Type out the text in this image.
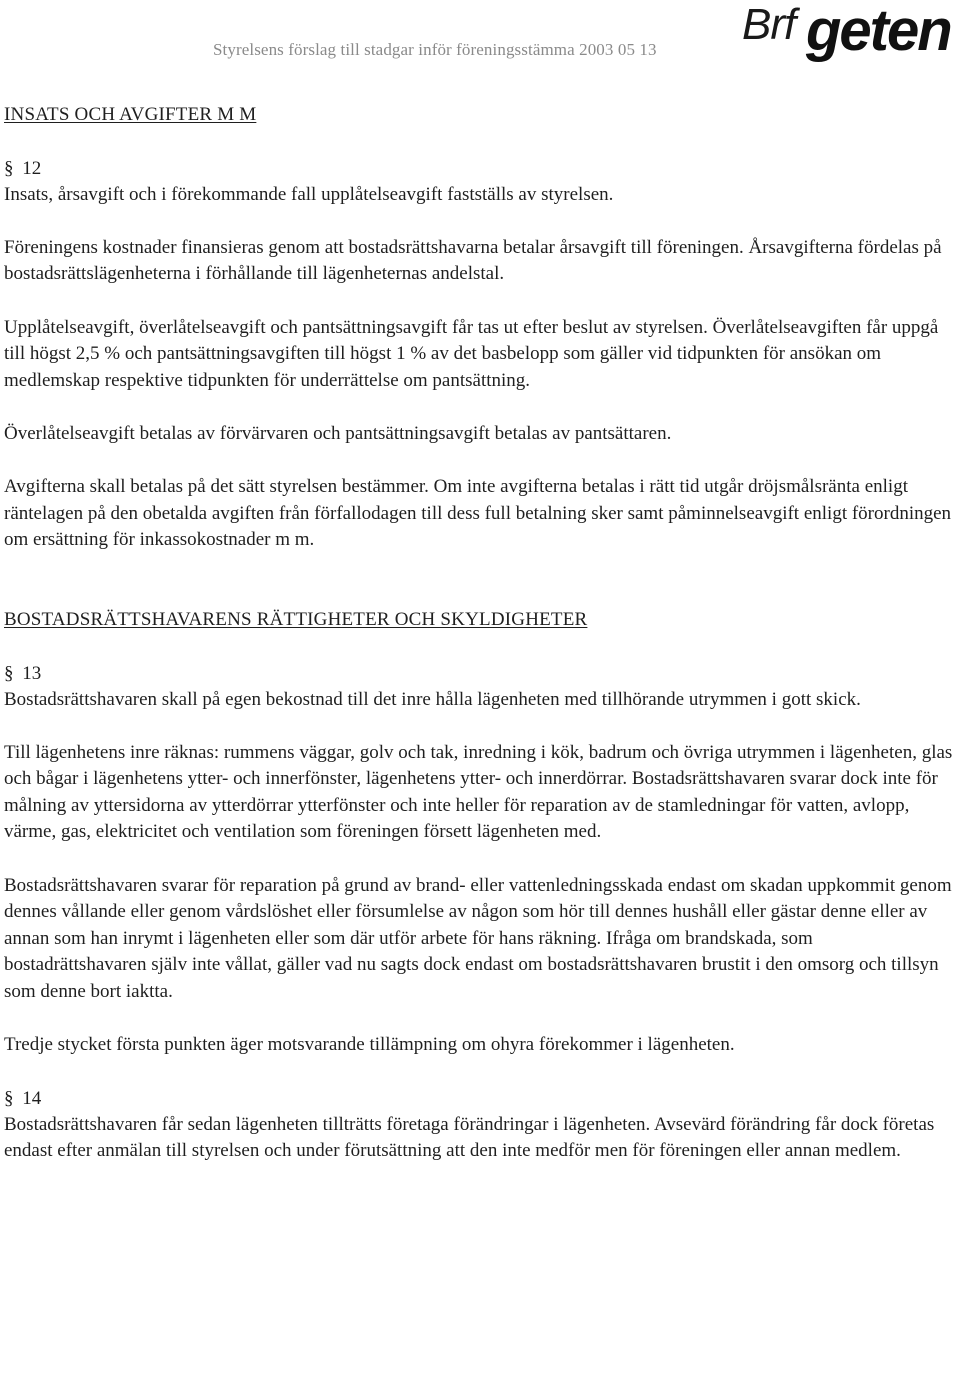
Styrelsens förslag till stadgar inför föreningsstämma 2003 05 13
Brf geten
INSATS OCH AVGIFTER M M
§ 12

Insats, årsavgift och i förekommande fall upplåtelseavgift fastställs av styrelsen.

Föreningens kostnader finansieras genom att bostadsrättshavarna betalar årsavgift till föreningen. Årsavgifterna fördelas på bostadsrättslägenheterna i förhållande till lägenheternas andelstal.

Upplåtelseavgift, överlåtelseavgift och pantsättningsavgift får tas ut efter beslut av styrelsen. Överlåtelseavgiften får uppgå till högst 2,5 % och pantsättningsavgiften till högst 1 % av det basbelopp som gäller vid tidpunkten för ansökan om medlemskap respektive tidpunkten för underrättelse om pantsättning.

Överlåtelseavgift betalas av förvärvaren och pantsättningsavgift betalas av pantsättaren.

Avgifterna skall betalas på det sätt styrelsen bestämmer. Om inte avgifterna betalas i rätt tid utgår dröjsmålsränta enligt räntelagen på den obetalda avgiften från förfallodagen till dess full betalning sker samt påminnelseavgift enligt förordningen om ersättning för inkassokostnader m m.

BOSTADSRÄTTSHAVARENS RÄTTIGHETER OCH SKYLDIGHETER
§ 13

Bostadsrättshavaren skall på egen bekostnad till det inre hålla lägenheten med tillhörande utrymmen i gott skick.

Till lägenhetens inre räknas: rummens väggar, golv och tak, inredning i kök, badrum och övriga utrymmen i lägenheten, glas och bågar i lägenhetens ytter- och innerfönster, lägenhetens ytter- och innerdörrar. Bostadsrättshavaren svarar dock inte för målning av yttersidorna av ytterdörrar ytterfönster och inte heller för reparation av de stamledningar för vatten, avlopp, värme, gas, elektricitet och ventilation som föreningen försett lägenheten med.

Bostadsrättshavaren svarar för reparation på grund av brand- eller vattenledningsskada endast om skadan uppkommit genom dennes vållande eller genom vårdslöshet eller försumlelse av någon som hör till dennes hushåll eller gästar denne eller av annan som han inrymt i lägenheten eller som där utför arbete för hans räkning. Ifråga om brandskada, som bostadrättshavaren själv inte vållat, gäller vad nu sagts dock endast om bostadsrättshavaren brustit i den omsorg och tillsyn som denne bort iaktta.

Tredje stycket första punkten äger motsvarande tillämpning om ohyra förekommer i lägenheten.

§ 14

Bostadsrättshavaren får sedan lägenheten tillträtts företaga förändringar i lägenheten. Avsevärd förändring får dock företas endast efter anmälan till styrelsen och under förutsättning att den inte medför men för föreningen eller annan medlem.
